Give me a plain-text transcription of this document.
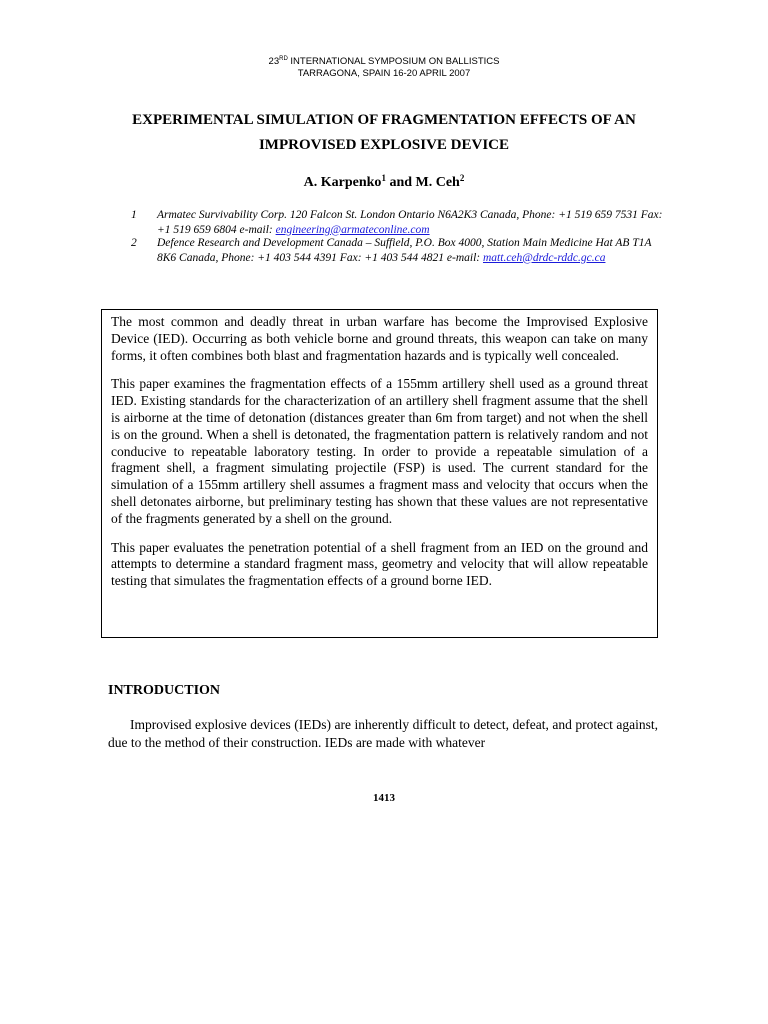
23RD INTERNATIONAL SYMPOSIUM ON BALLISTICS
TARRAGONA, SPAIN 16-20 APRIL 2007
EXPERIMENTAL SIMULATION OF FRAGMENTATION EFFECTS OF AN
IMPROVISED EXPLOSIVE DEVICE
A. Karpenko$^1$ and M. Ceh$^2$
1	Armatec Survivability Corp. 120 Falcon St. London Ontario N6A2K3 Canada, Phone: +1 519 659 7531 Fax: +1 519 659 6804 e-mail: engineering@armateconline.com
2	Defence Research and Development Canada – Suffield, P.O. Box 4000, Station Main Medicine Hat AB T1A 8K6 Canada, Phone: +1 403 544 4391 Fax: +1 403 544 4821 e-mail: matt.ceh@drdc-rddc.gc.ca

The most common and deadly threat in urban warfare has become the Improvised Explosive Device (IED). Occurring as both vehicle borne and ground threats, this weapon can take on many forms, it often combines both blast and fragmentation hazards and is typically well concealed.

This paper examines the fragmentation effects of a 155mm artillery shell used as a ground threat IED. Existing standards for the characterization of an artillery shell fragment assume that the shell is airborne at the time of detonation (distances greater than 6m from target) and not when the shell is on the ground. When a shell is detonated, the fragmentation pattern is relatively random and not conducive to repeatable laboratory testing. In order to provide a repeatable simulation of a fragment shell, a fragment simulating projectile (FSP) is used. The current standard for the simulation of a 155mm artillery shell assumes a fragment mass and velocity that occurs when the shell detonates airborne, but preliminary testing has shown that these values are not representative of the fragments generated by a shell on the ground.

This paper evaluates the penetration potential of a shell fragment from an IED on the ground and attempts to determine a standard fragment mass, geometry and velocity that will allow repeatable testing that simulates the fragmentation effects of a ground borne IED.

INTRODUCTION

Improvised explosive devices (IEDs) are inherently difficult to detect, defeat, and protect against, due to the method of their construction. IEDs are made with whatever

1413
